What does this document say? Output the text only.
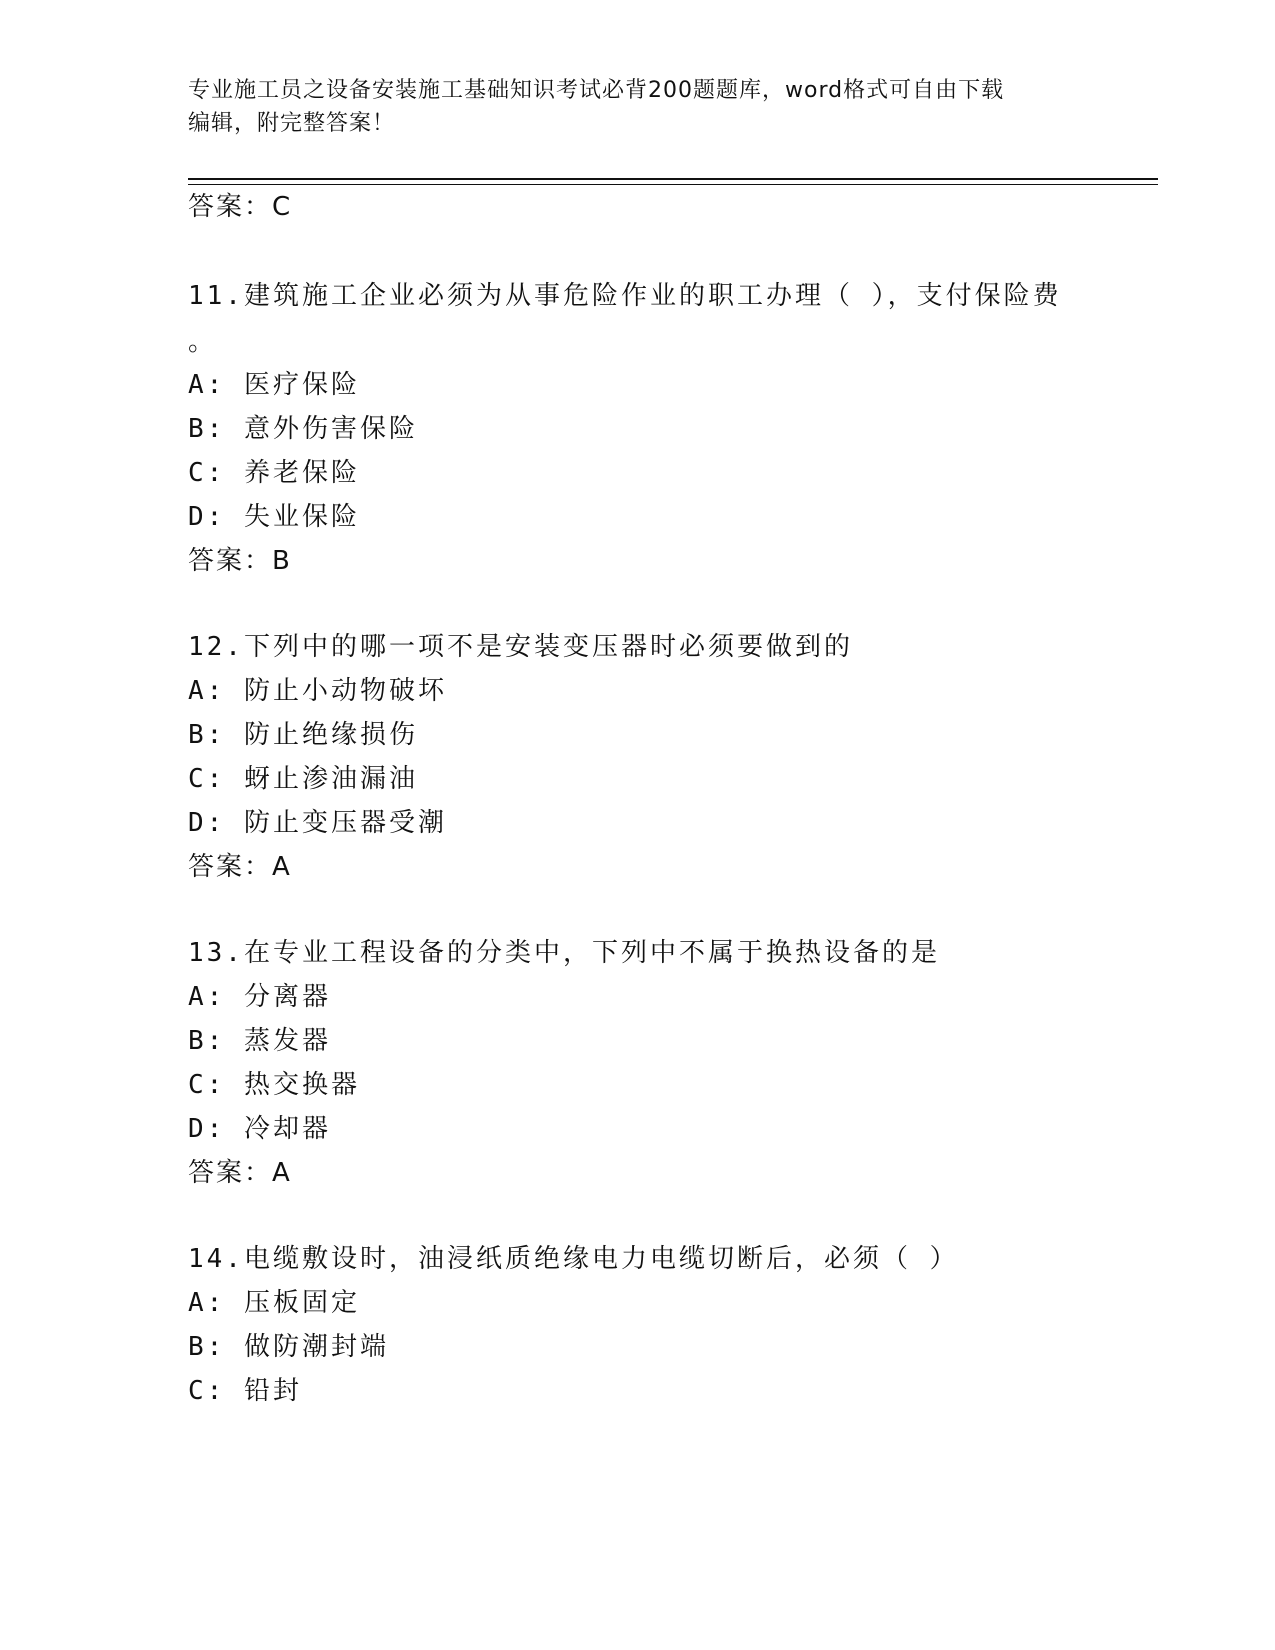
专业施工员之设备安装施工基础知识考试必背200题题库，word格式可自由下载
编辑，附完整答案！
答案：C
11.建筑施工企业必须为从事危险作业的职工办理（ ），支付保险费
。
A: 医疗保险
B: 意外伤害保险
C: 养老保险
D: 失业保险
答案：B
12.下列中的哪一项不是安装变压器时必须要做到的
A: 防止小动物破坏
B: 防止绝缘损伤
C: 蚜止渗油漏油
D: 防止变压器受潮
答案：A
13.在专业工程设备的分类中，下列中不属于换热设备的是
A: 分离器
B: 蒸发器
C: 热交换器
D: 冷却器
答案：A
14.电缆敷设时，油浸纸质绝缘电力电缆切断后，必须（ ）
A: 压板固定
B: 做防潮封端
C: 铅封
